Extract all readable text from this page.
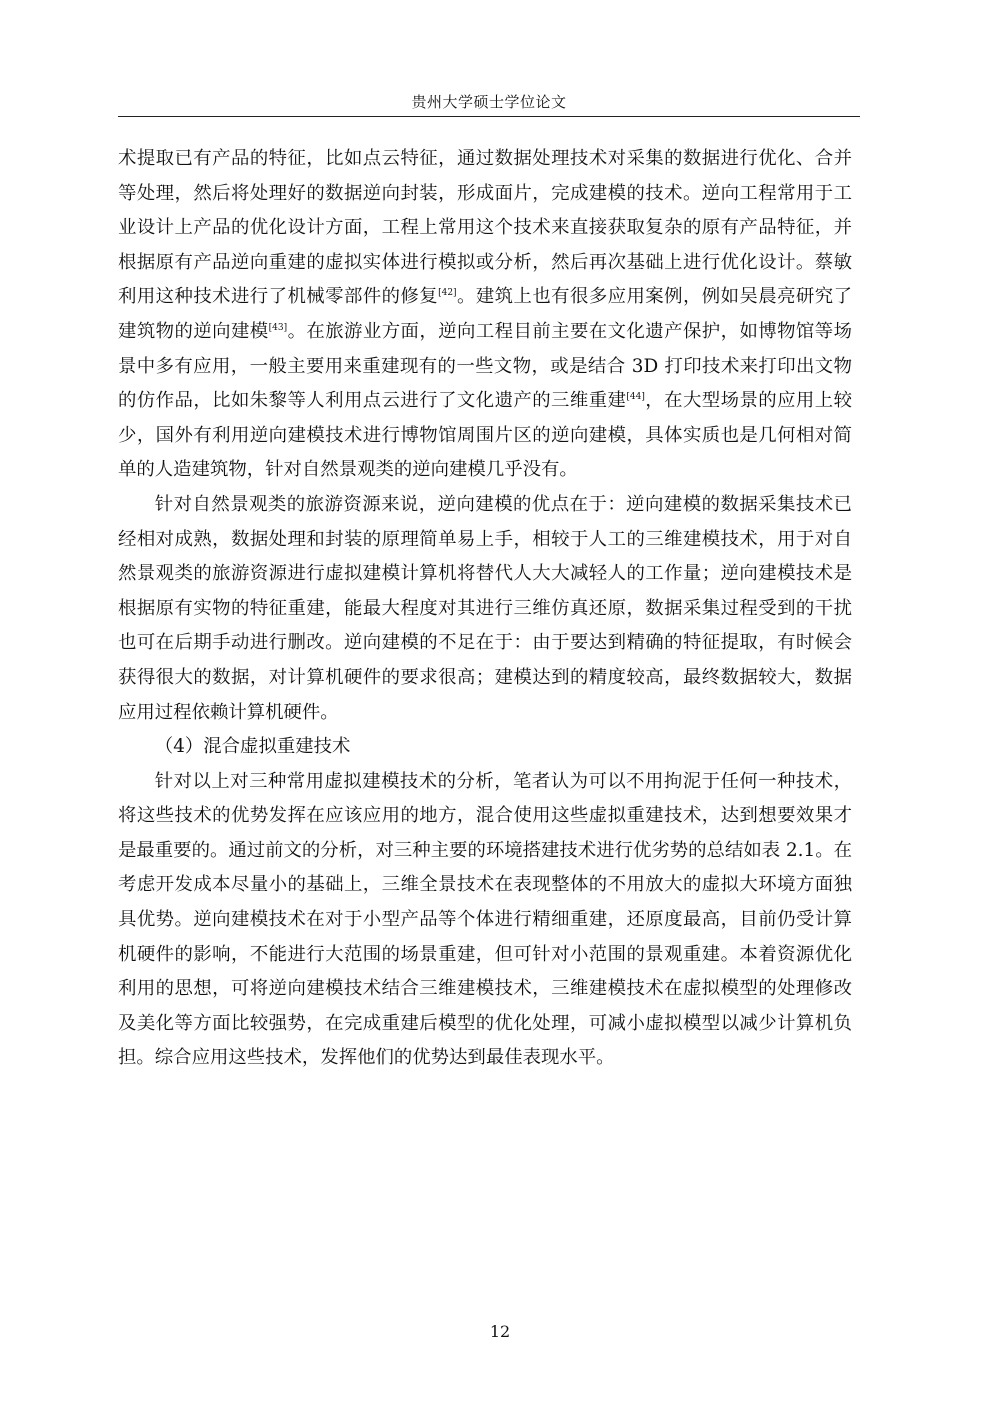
贵州大学硕士学位论文

术提取已有产品的特征，比如点云特征，通过数据处理技术对采集的数据进行优化、合并等处理，然后将处理好的数据逆向封装，形成面片，完成建模的技术。逆向工程常用于工业设计上产品的优化设计方面，工程上常用这个技术来直接获取复杂的原有产品特征，并根据原有产品逆向重建的虚拟实体进行模拟或分析，然后再次基础上进行优化设计。蔡敏利用这种技术进行了机械零部件的修复[42]。建筑上也有很多应用案例，例如吴晨亮研究了建筑物的逆向建模[43]。在旅游业方面，逆向工程目前主要在文化遗产保护，如博物馆等场景中多有应用，一般主要用来重建现有的一些文物，或是结合 3D 打印技术来打印出文物的仿作品，比如朱黎等人利用点云进行了文化遗产的三维重建[44]，在大型场景的应用上较少，国外有利用逆向建模技术进行博物馆周围片区的逆向建模，具体实质也是几何相对简单的人造建筑物，针对自然景观类的逆向建模几乎没有。

针对自然景观类的旅游资源来说，逆向建模的优点在于：逆向建模的数据采集技术已经相对成熟，数据处理和封装的原理简单易上手，相较于人工的三维建模技术，用于对自然景观类的旅游资源进行虚拟建模计算机将替代人大大减轻人的工作量；逆向建模技术是根据原有实物的特征重建，能最大程度对其进行三维仿真还原，数据采集过程受到的干扰也可在后期手动进行删改。逆向建模的不足在于：由于要达到精确的特征提取，有时候会获得很大的数据，对计算机硬件的要求很高；建模达到的精度较高，最终数据较大，数据应用过程依赖计算机硬件。

（4）混合虚拟重建技术

针对以上对三种常用虚拟建模技术的分析，笔者认为可以不用拘泥于任何一种技术，将这些技术的优势发挥在应该应用的地方，混合使用这些虚拟重建技术，达到想要效果才是最重要的。通过前文的分析，对三种主要的环境搭建技术进行优劣势的总结如表 2.1。在考虑开发成本尽量小的基础上，三维全景技术在表现整体的不用放大的虚拟大环境方面独具优势。逆向建模技术在对于小型产品等个体进行精细重建，还原度最高，目前仍受计算机硬件的影响，不能进行大范围的场景重建，但可针对小范围的景观重建。本着资源优化利用的思想，可将逆向建模技术结合三维建模技术，三维建模技术在虚拟模型的处理修改及美化等方面比较强势，在完成重建后模型的优化处理，可减小虚拟模型以减少计算机负担。综合应用这些技术，发挥他们的优势达到最佳表现水平。

12
